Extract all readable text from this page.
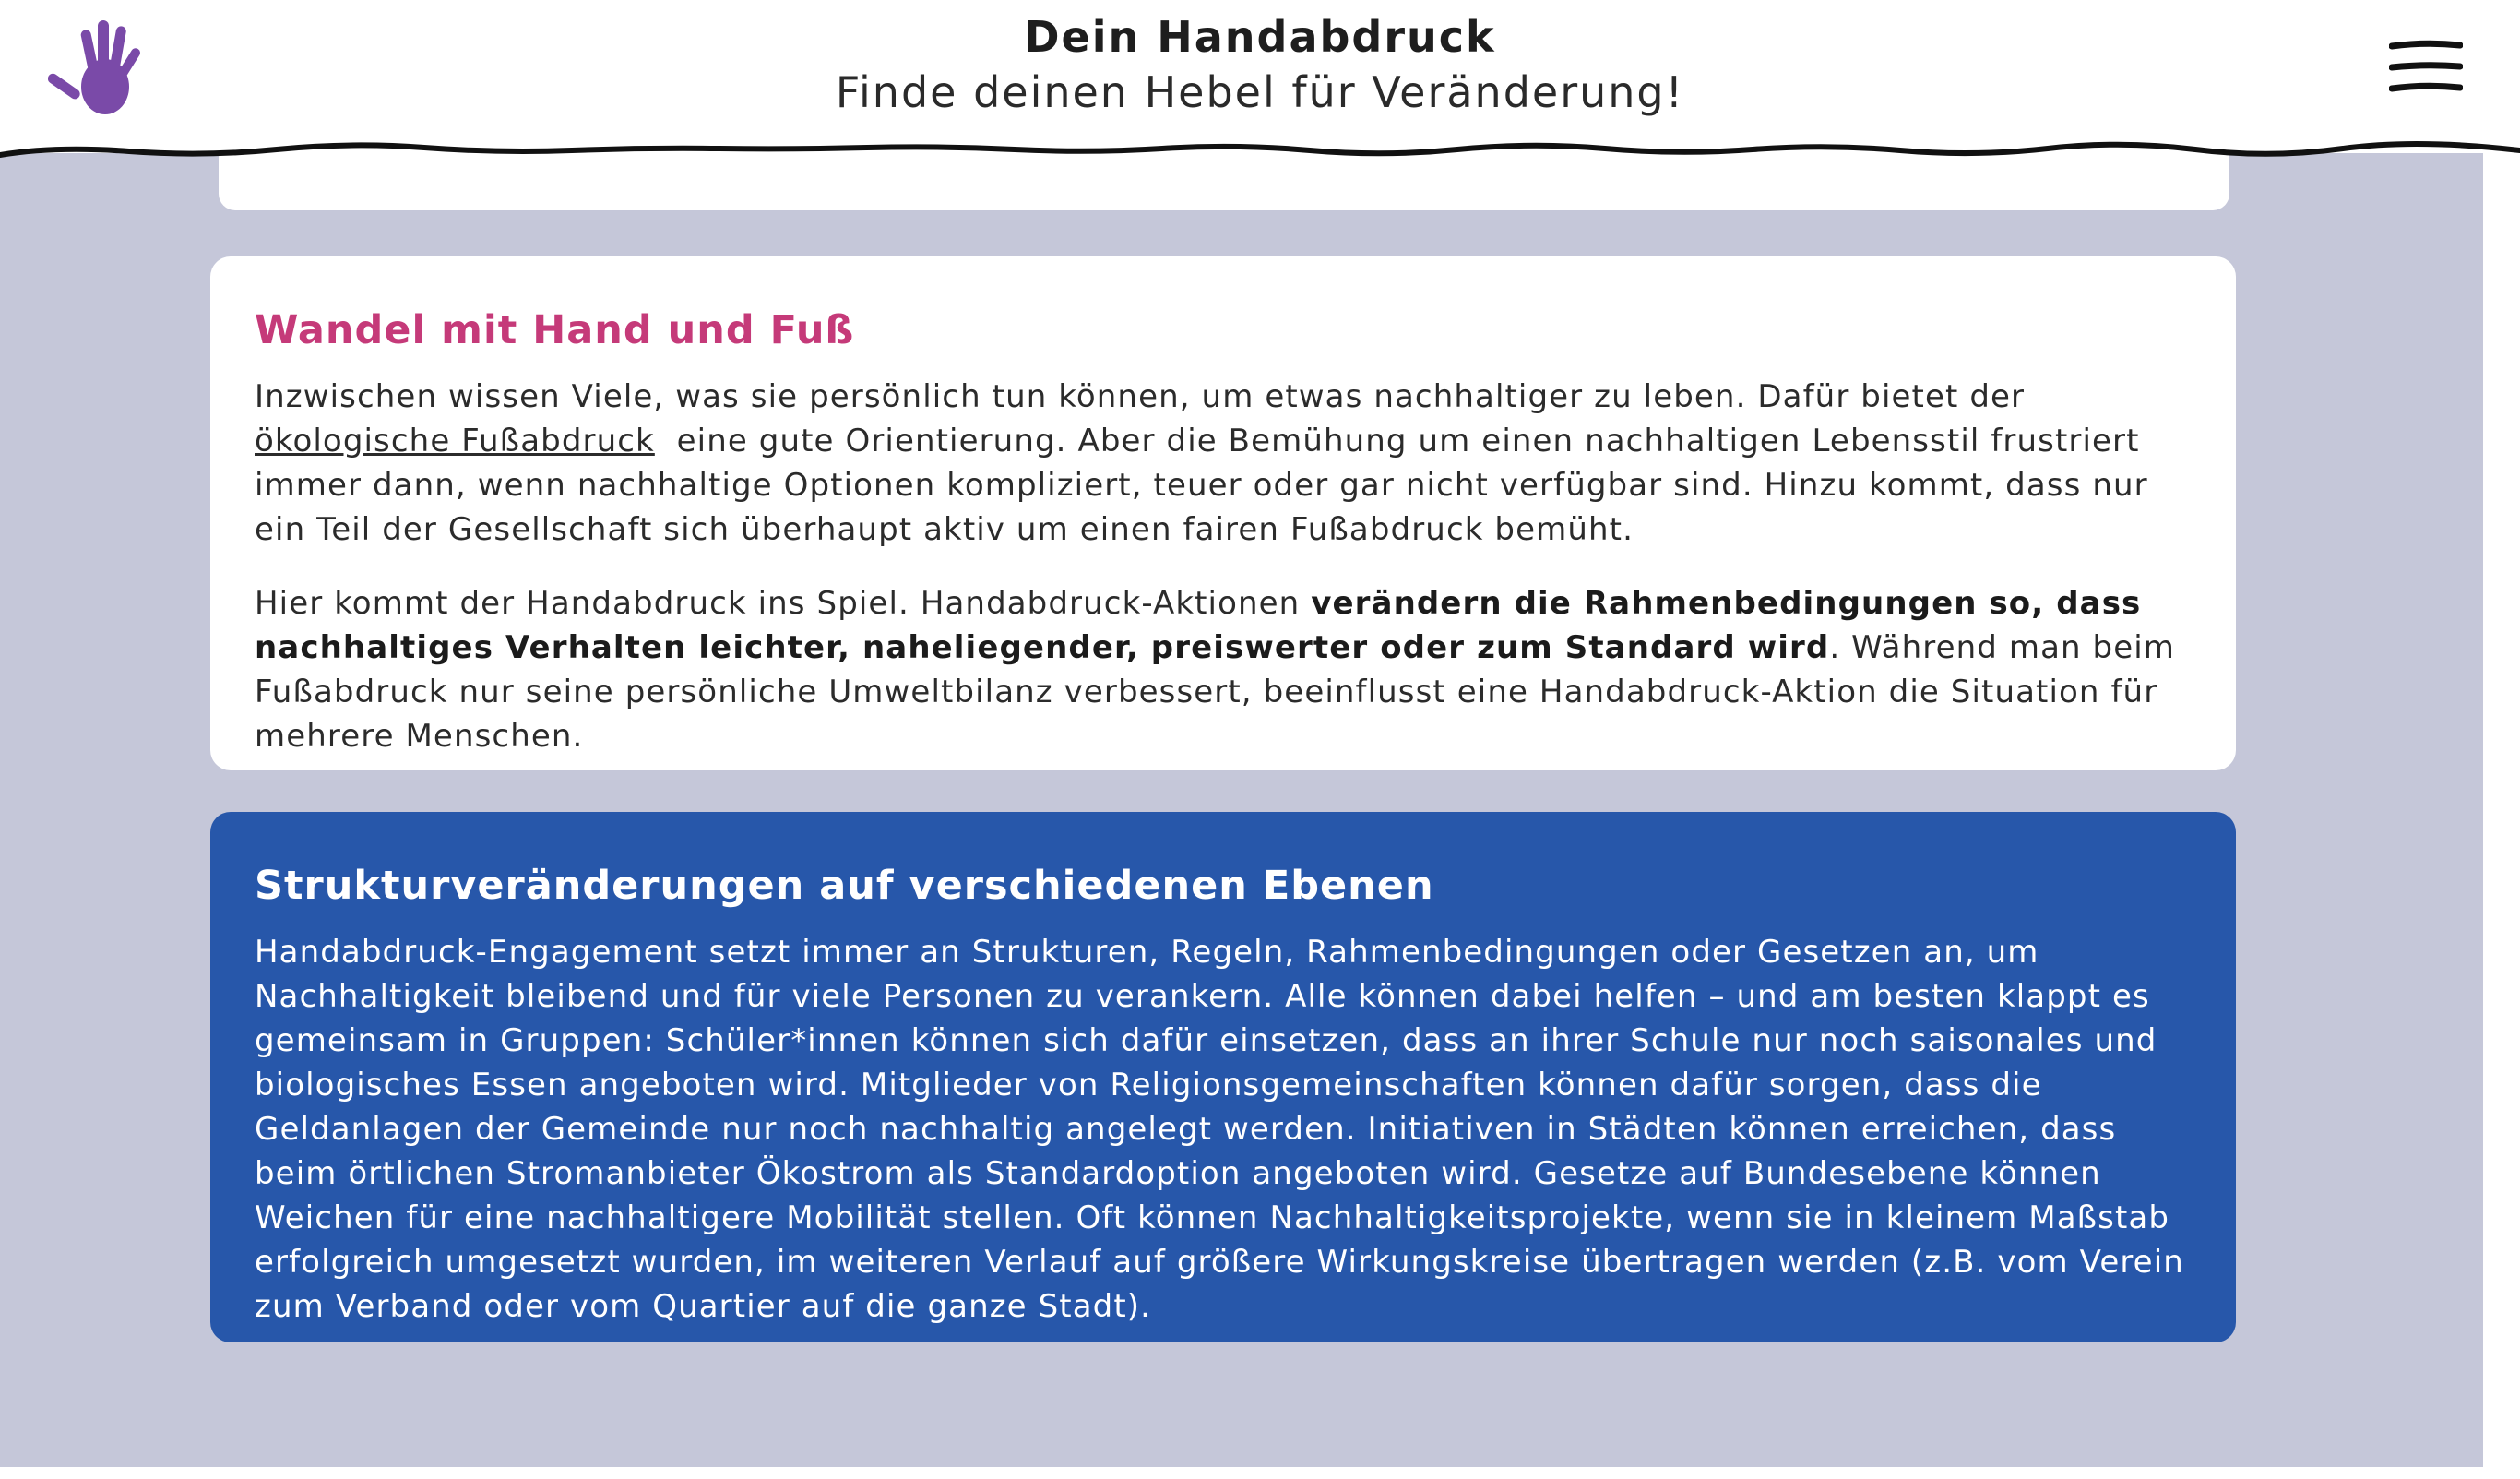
Dein Handabdruck
Finde deinen Hebel für Veränderung!
Wandel mit Hand und Fuß

Inzwischen wissen Viele, was sie persönlich tun können, um etwas nachhaltiger zu leben. Dafür bietet der ökologische Fußabdruck  eine gute Orientierung. Aber die Bemühung um einen nachhaltigen Lebensstil frustriert immer dann, wenn nachhaltige Optionen kompliziert, teuer oder gar nicht verfügbar sind. Hinzu kommt, dass nur ein Teil der Gesellschaft sich überhaupt aktiv um einen fairen Fußabdruck bemüht.

Hier kommt der Handabdruck ins Spiel. Handabdruck-Aktionen verändern die Rahmenbedingungen so, dass nachhaltiges Verhalten leichter, naheliegender, preiswerter oder zum Standard wird. Während man beim Fußabdruck nur seine persönliche Umweltbilanz verbessert, beeinflusst eine Handabdruck-Aktion die Situation für mehrere Menschen.

Strukturveränderungen auf verschiedenen Ebenen

Handabdruck-Engagement setzt immer an Strukturen, Regeln, Rahmenbedingungen oder Gesetzen an, um Nachhaltigkeit bleibend und für viele Personen zu verankern. Alle können dabei helfen – und am besten klappt es gemeinsam in Gruppen: Schüler*innen können sich dafür einsetzen, dass an ihrer Schule nur noch saisonales und biologisches Essen angeboten wird. Mitglieder von Religionsgemeinschaften können dafür sorgen, dass die Geldanlagen der Gemeinde nur noch nachhaltig angelegt werden. Initiativen in Städten können erreichen, dass beim örtlichen Stromanbieter Ökostrom als Standardoption angeboten wird. Gesetze auf Bundesebene können Weichen für eine nachhaltigere Mobilität stellen. Oft können Nachhaltigkeitsprojekte, wenn sie in kleinem Maßstab erfolgreich umgesetzt wurden, im weiteren Verlauf auf größere Wirkungskreise übertragen werden (z.B. vom Verein zum Verband oder vom Quartier auf die ganze Stadt).
